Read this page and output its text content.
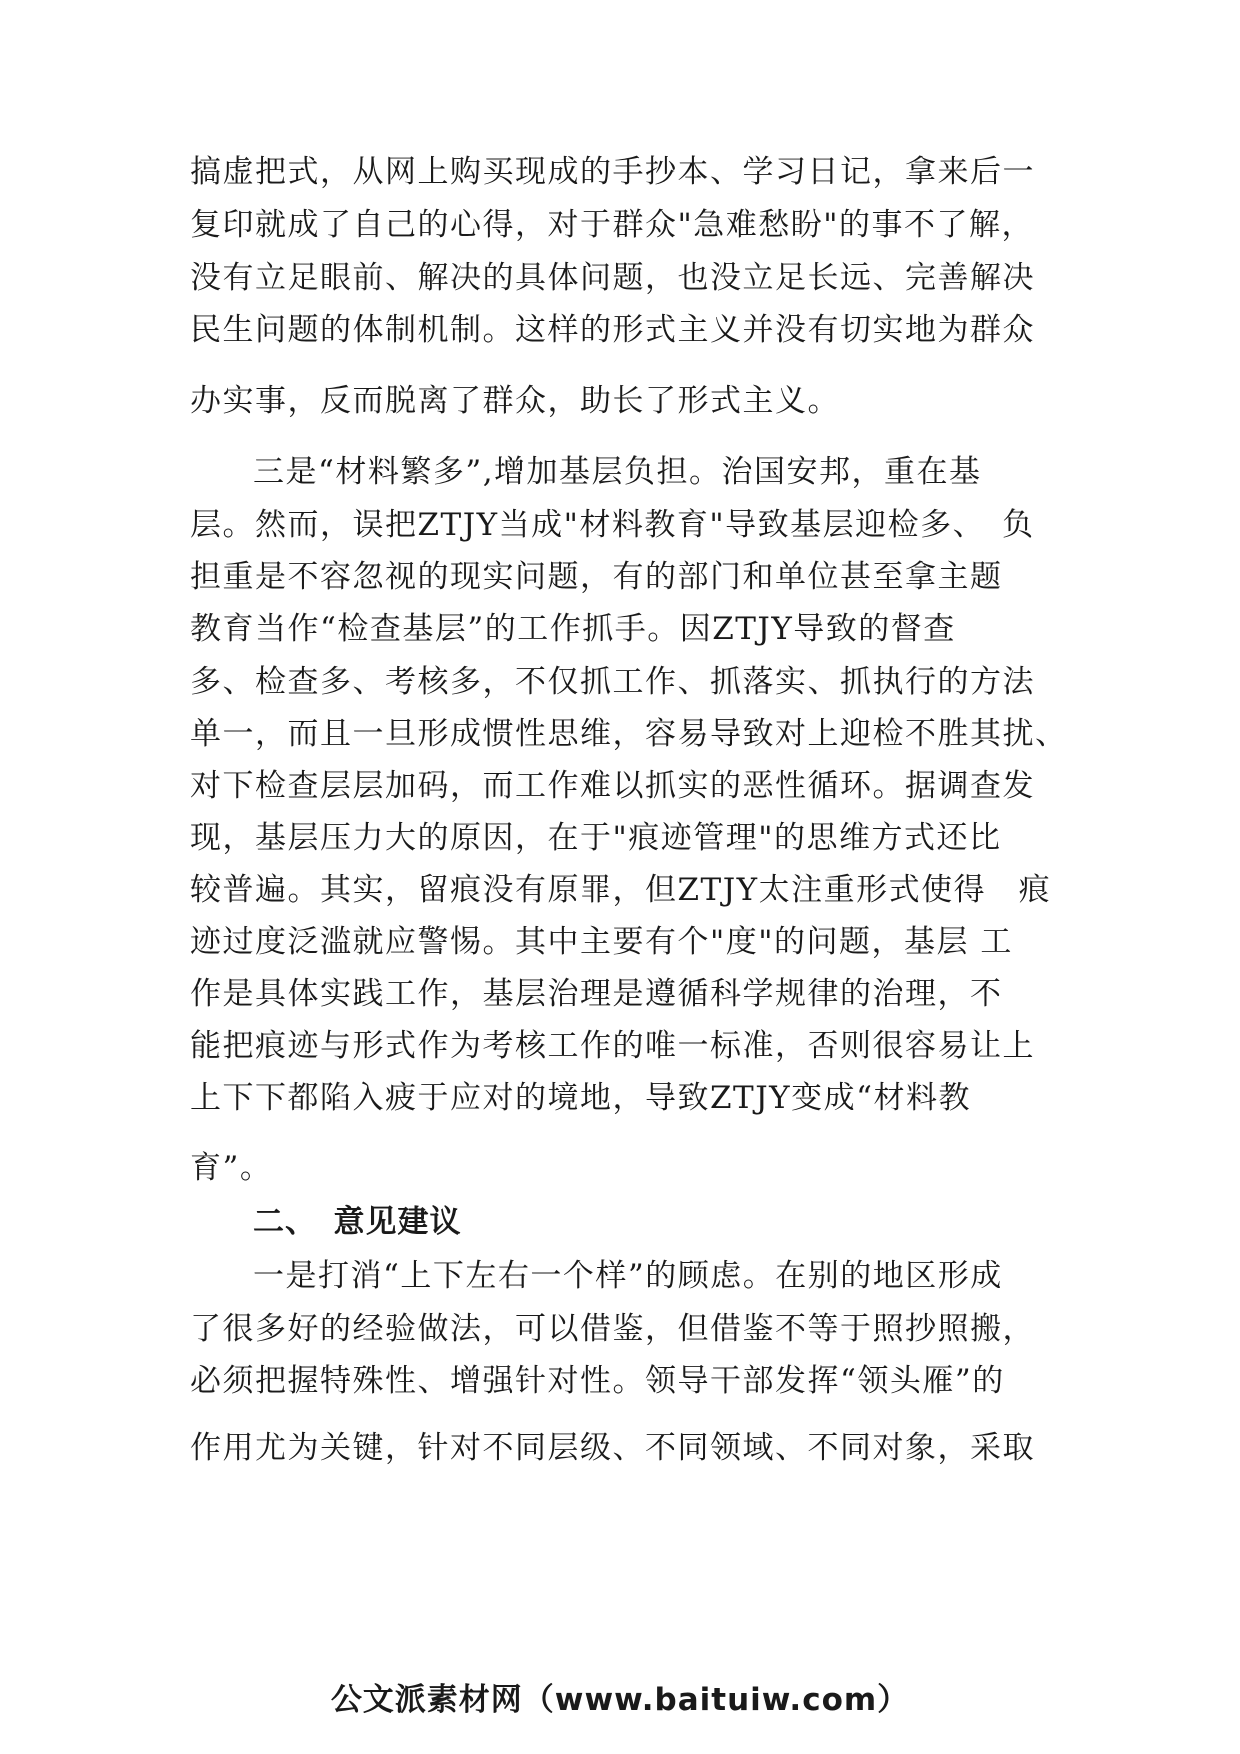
搞虚把式，从网上购买现成的手抄本、学习日记，拿来后一
复印就成了自己的心得，对于群众"急难愁盼"的事不了解，
没有立足眼前、解决的具体问题，也没立足长远、完善解决
民生问题的体制机制。这样的形式主义并没有切实地为群众
办实事，反而脱离了群众，助长了形式主义。
三是“材料繁多”,增加基层负担。治国安邦，重在基
层。然而，误把ZTJY当成"材料教育"导致基层迎检多、　负
担重是不容忽视的现实问题，有的部门和单位甚至拿主题
教育当作“检查基层”的工作抓手。因ZTJY导致的督查
多、检查多、考核多，不仅抓工作、抓落实、抓执行的方法
单一，而且一旦形成惯性思维，容易导致对上迎检不胜其扰、
对下检查层层加码，而工作难以抓实的恶性循环。据调查发
现，基层压力大的原因，在于"痕迹管理"的思维方式还比
较普遍。其实，留痕没有原罪，但ZTJY太注重形式使得　痕
迹过度泛滥就应警惕。其中主要有个"度"的问题，基层 工
作是具体实践工作，基层治理是遵循科学规律的治理，不
能把痕迹与形式作为考核工作的唯一标准，否则很容易让上
上下下都陷入疲于应对的境地，导致ZTJY变成“材料教
育”。
二、　意见建议
一是打消“上下左右一个样”的顾虑。在别的地区形成
了很多好的经验做法，可以借鉴，但借鉴不等于照抄照搬，
必须把握特殊性、增强针对性。领导干部发挥“领头雁”的
作用尤为关键，针对不同层级、不同领域、不同对象，采取
公文派素材网（www.baituiw.com）
